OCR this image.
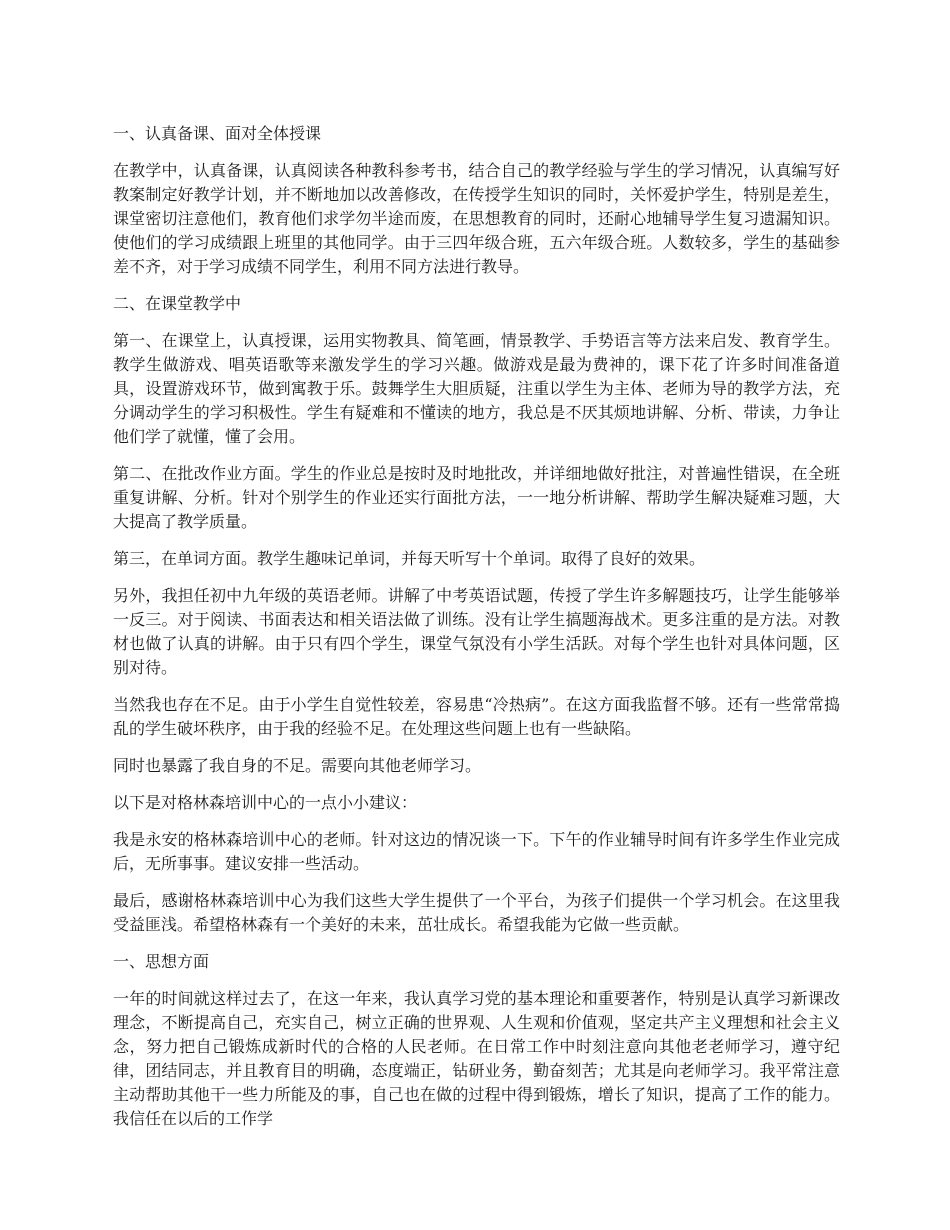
一、认真备课、面对全体授课

在教学中，认真备课，认真阅读各种教科参考书，结合自己的教学经验与学生的学习情况，认真编写好教案制定好教学计划，并不断地加以改善修改，在传授学生知识的同时，关怀爱护学生，特别是差生，课堂密切注意他们，教育他们求学勿半途而废，在思想教育的同时，还耐心地辅导学生复习遗漏知识。使他们的学习成绩跟上班里的其他同学。由于三四年级合班，五六年级合班。人数较多，学生的基础参差不齐，对于学习成绩不同学生，利用不同方法进行教导。

二、在课堂教学中

第一、在课堂上，认真授课，运用实物教具、简笔画，情景教学、手势语言等方法来启发、教育学生。教学生做游戏、唱英语歌等来激发学生的学习兴趣。做游戏是最为费神的，课下花了许多时间准备道具，设置游戏环节，做到寓教于乐。鼓舞学生大胆质疑，注重以学生为主体、老师为导的教学方法，充分调动学生的学习积极性。学生有疑难和不懂读的地方，我总是不厌其烦地讲解、分析、带读，力争让他们学了就懂，懂了会用。

第二、在批改作业方面。学生的作业总是按时及时地批改，并详细地做好批注，对普遍性错误，在全班重复讲解、分析。针对个别学生的作业还实行面批方法，一一地分析讲解、帮助学生解决疑难习题，大大提高了教学质量。

第三，在单词方面。教学生趣味记单词，并每天听写十个单词。取得了良好的效果。

另外，我担任初中九年级的英语老师。讲解了中考英语试题，传授了学生许多解题技巧，让学生能够举一反三。对于阅读、书面表达和相关语法做了训练。没有让学生搞题海战术。更多注重的是方法。对教材也做了认真的讲解。由于只有四个学生，课堂气氛没有小学生活跃。对每个学生也针对具体问题，区别对待。

当然我也存在不足。由于小学生自觉性较差，容易患“冷热病”。在这方面我监督不够。还有一些常常捣乱的学生破坏秩序，由于我的经验不足。在处理这些问题上也有一些缺陷。

同时也暴露了我自身的不足。需要向其他老师学习。

以下是对格林森培训中心的一点小小建议：

我是永安的格林森培训中心的老师。针对这边的情况谈一下。下午的作业辅导时间有许多学生作业完成后，无所事事。建议安排一些活动。

最后，感谢格林森培训中心为我们这些大学生提供了一个平台，为孩子们提供一个学习机会。在这里我受益匪浅。希望格林森有一个美好的未来，茁壮成长。希望我能为它做一些贡献。

一、思想方面

一年的时间就这样过去了，在这一年来，我认真学习党的基本理论和重要著作，特别是认真学习新课改理念，不断提高自己，充实自己，树立正确的世界观、人生观和价值观，坚定共产主义理想和社会主义念，努力把自己锻炼成新时代的合格的人民老师。在日常工作中时刻注意向其他老老师学习，遵守纪律，团结同志，并且教育目的明确，态度端正，钻研业务，勤奋刻苦；尤其是向老师学习。我平常注意主动帮助其他干一些力所能及的事，自己也在做的过程中得到锻炼，增长了知识，提高了工作的能力。我信任在以后的工作学
